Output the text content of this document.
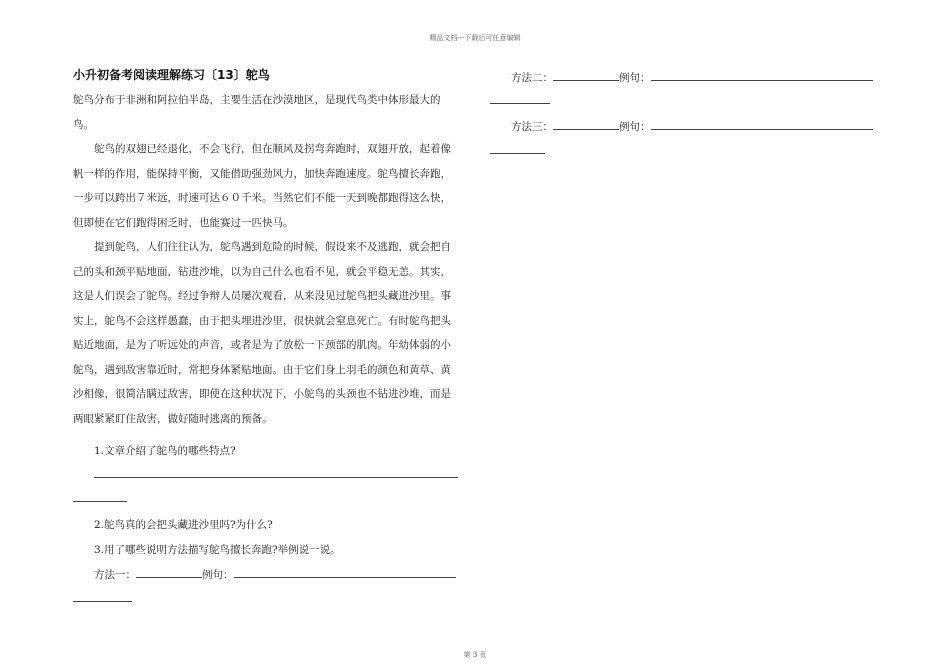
精品文档---下载后可任意编辑
小升初备考阅读理解练习〔13〕鸵鸟
鸵鸟分布于非洲和阿拉伯半岛，主要生活在沙漠地区，是现代鸟类中体形最大的鸟。
鸵鸟的双翅已经退化，不会飞行，但在顺风及拐弯奔跑时，双翅开放，起着像帆一样的作用，能保持平衡，又能借助强劲风力，加快奔跑速度。鸵鸟擅长奔跑，一步可以跨出７米远，时速可达６０千米。当然它们不能一天到晚都跑得这么快，但即使在它们跑得困乏时，也能赛过一匹快马。
提到鸵鸟，人们往往认为，鸵鸟遇到危险的时候，假设来不及逃跑，就会把自己的头和颈平贴地面，钻进沙堆，以为自己什么也看不见，就会平稳无恙。其实，这是人们误会了鸵鸟。经过争辩人员屡次观看，从来没见过鸵鸟把头藏进沙里。事实上，鸵鸟不会这样愚蠢，由于把头埋进沙里，很快就会窒息死亡。有时鸵鸟把头贴近地面，是为了听远处的声音，或者是为了放松一下颈部的肌肉。年幼体弱的小鸵鸟，遇到敌害靠近时，常把身体紧贴地面。由于它们身上羽毛的颜色和黄草、黄沙相像，很简洁瞒过敌害，即使在这种状况下，小鸵鸟的头颈也不钻进沙堆，而是两眼紧紧盯住敌害，做好随时逃离的预备。
1.文章介绍了鸵鸟的哪些特点?
2.鸵鸟真的会把头藏进沙里吗?为什么?
3.用了哪些说明方法描写鸵鸟擅长奔跑?举例说一说。
方法一：	例句：
方法二：	例句：
方法三：	例句：
第 3 页
